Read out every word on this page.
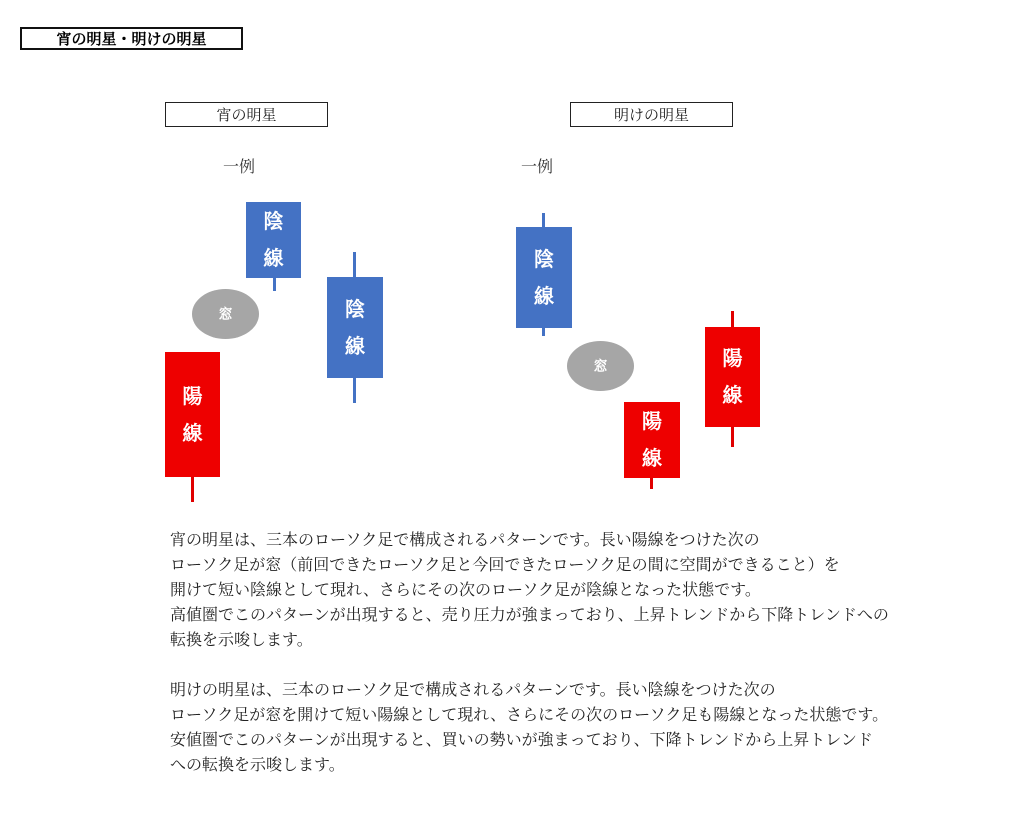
宵の明星・明けの明星
宵の明星
一例
陽
線
窓
陰
線
陰
線
明けの明星
一例
陰
線
窓
陽
線
陽
線
宵の明星は、三本のローソク足で構成されるパターンです。長い陽線をつけた次の
ローソク足が窓（前回できたローソク足と今回できたローソク足の間に空間ができること）を
開けて短い陰線として現れ、さらにその次のローソク足が陰線となった状態です。
高値圏でこのパターンが出現すると、売り圧力が強まっており、上昇トレンドから下降トレンドへの
転換を示唆します。
明けの明星は、三本のローソク足で構成されるパターンです。長い陰線をつけた次の
ローソク足が窓を開けて短い陽線として現れ、さらにその次のローソク足も陽線となった状態です。
安値圏でこのパターンが出現すると、買いの勢いが強まっており、下降トレンドから上昇トレンド
への転換を示唆します。
